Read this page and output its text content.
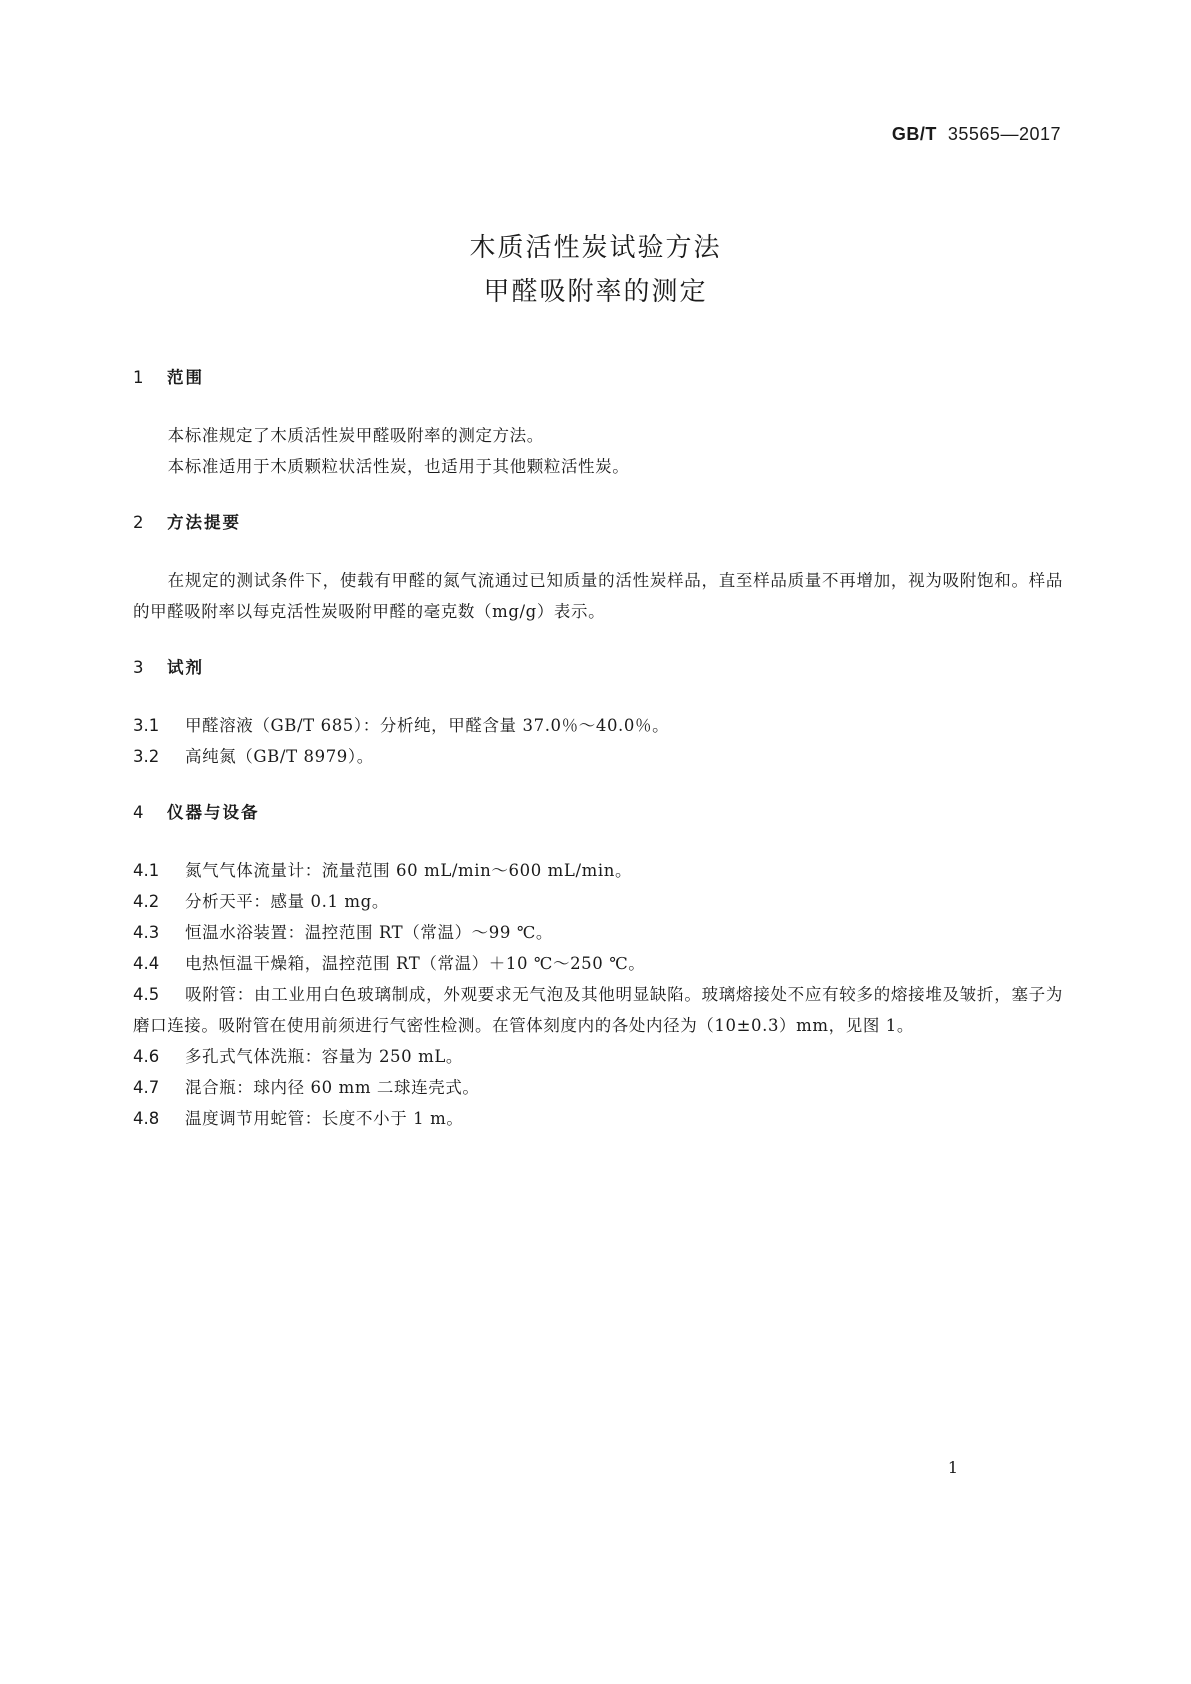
GB/T 35565—2017
木质活性炭试验方法
甲醛吸附率的测定
1 范围
本标准规定了木质活性炭甲醛吸附率的测定方法。
本标准适用于木质颗粒状活性炭，也适用于其他颗粒活性炭。
2 方法提要
在规定的测试条件下，使载有甲醛的氮气流通过已知质量的活性炭样品，直至样品质量不再增加，视为吸附饱和。样品的甲醛吸附率以每克活性炭吸附甲醛的毫克数（mg/g）表示。
3 试剂
3.1 甲醛溶液（GB/T 685）：分析纯，甲醛含量 37.0％～40.0％。
3.2 高纯氮（GB/T 8979）。
4 仪器与设备
4.1 氮气气体流量计：流量范围 60 mL/min～600 mL/min。
4.2 分析天平：感量 0.1 mg。
4.3 恒温水浴装置：温控范围 RT（常温）～99 ℃。
4.4 电热恒温干燥箱，温控范围 RT（常温）＋10 ℃～250 ℃。
4.5 吸附管：由工业用白色玻璃制成，外观要求无气泡及其他明显缺陷。玻璃熔接处不应有较多的熔接堆及皱折，塞子为磨口连接。吸附管在使用前须进行气密性检测。在管体刻度内的各处内径为（10±0.3）mm，见图 1。
4.6 多孔式气体洗瓶：容量为 250 mL。
4.7 混合瓶：球内径 60 mm 二球连壳式。
4.8 温度调节用蛇管：长度不小于 1 m。
1
